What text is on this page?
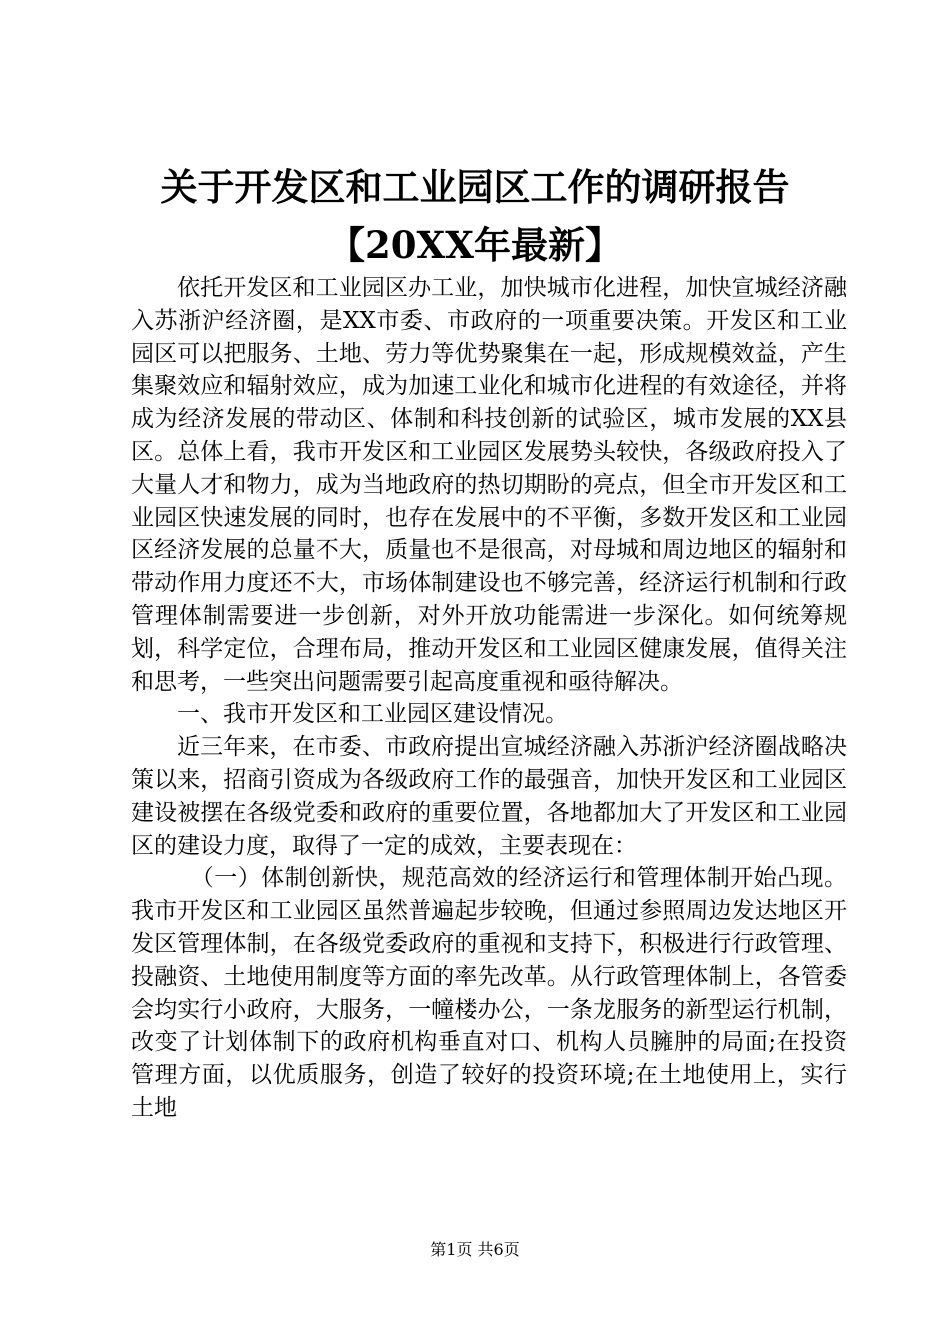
关于开发区和工业园区工作的调研报告【20XX年最新】

依托开发区和工业园区办工业，加快城市化进程，加快宣城经济融入苏浙沪经济圈，是XX市委、市政府的一项重要决策。开发区和工业园区可以把服务、土地、劳力等优势聚集在一起，形成规模效益，产生集聚效应和辐射效应，成为加速工业化和城市化进程的有效途径，并将成为经济发展的带动区、体制和科技创新的试验区，城市发展的XX县区。总体上看，我市开发区和工业园区发展势头较快，各级政府投入了大量人才和物力，成为当地政府的热切期盼的亮点，但全市开发区和工业园区快速发展的同时，也存在发展中的不平衡，多数开发区和工业园区经济发展的总量不大，质量也不是很高，对母城和周边地区的辐射和带动作用力度还不大，市场体制建设也不够完善，经济运行机制和行政管理体制需要进一步创新，对外开放功能需进一步深化。如何统筹规划，科学定位，合理布局，推动开发区和工业园区健康发展，值得关注和思考，一些突出问题需要引起高度重视和亟待解决。

一、我市开发区和工业园区建设情况。

近三年来，在市委、市政府提出宣城经济融入苏浙沪经济圈战略决策以来，招商引资成为各级政府工作的最强音，加快开发区和工业园区建设被摆在各级党委和政府的重要位置，各地都加大了开发区和工业园区的建设力度，取得了一定的成效，主要表现在：

（一）体制创新快，规范高效的经济运行和管理体制开始凸现。我市开发区和工业园区虽然普遍起步较晚，但通过参照周边发达地区开发区管理体制，在各级党委政府的重视和支持下，积极进行行政管理、投融资、土地使用制度等方面的率先改革。从行政管理体制上，各管委会均实行小政府，大服务，一幢楼办公，一条龙服务的新型运行机制，改变了计划体制下的政府机构垂直对口、机构人员臃肿的局面;在投资管理方面，以优质服务，创造了较好的投资环境;在土地使用上，实行土地

第1页 共6页
